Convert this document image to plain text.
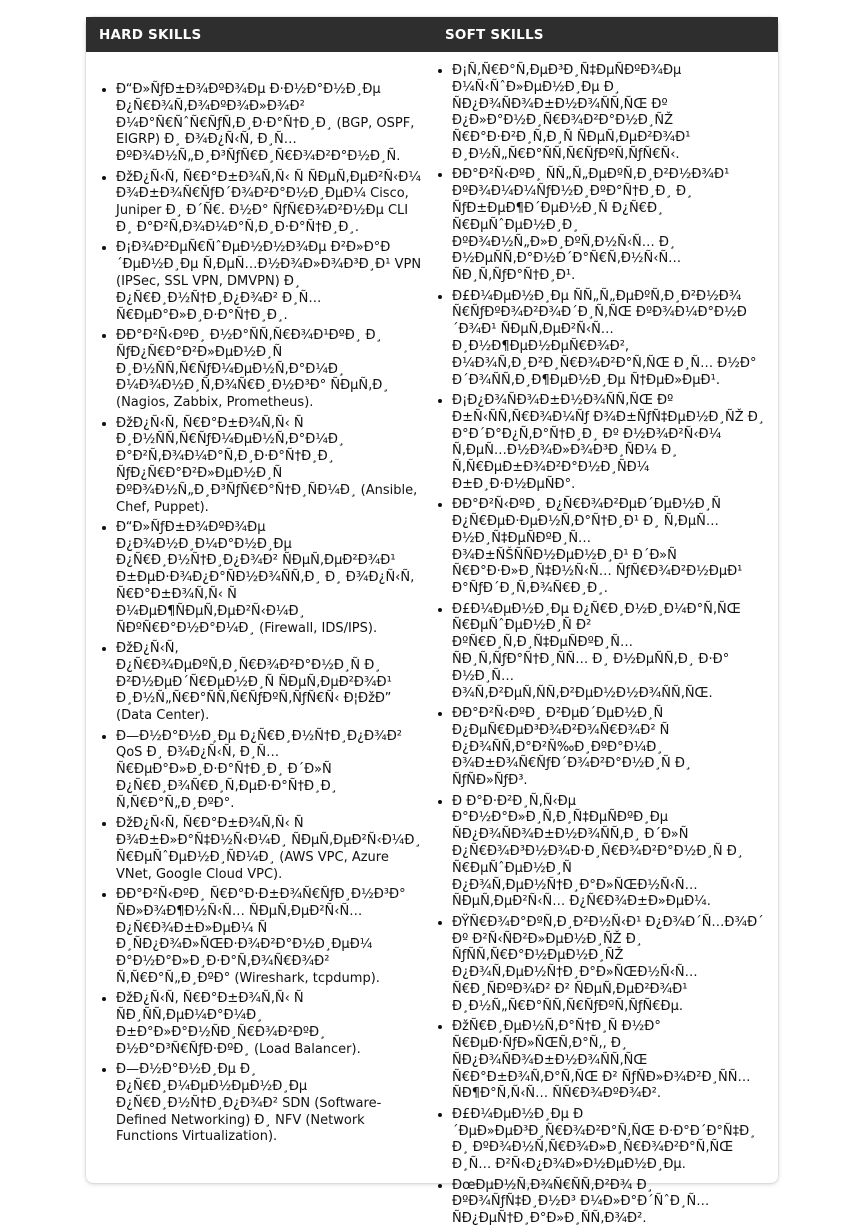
HARD SKILLS	SOFT SKILLS
• Ð“Ð»ÑƒÐ±Ð¾ÐºÐ¾Ðµ Ð·Ð½Ð°Ð½Ð¸Ðµ Ð¿Ñ€Ð¾Ñ‚Ð¾ÐºÐ¾Ð»Ð¾Ð² Ð¼Ð°Ñ€ÑˆÑ€ÑƒÑ‚Ð¸Ð·Ð°Ñ†Ð¸Ð¸ (BGP, OSPF, EIGRP) Ð¸ Ð¾Ð¿Ñ‹Ñ‚ Ð¸Ñ… ÐºÐ¾Ð½Ñ„Ð¸Ð³ÑƒÑ€Ð¸Ñ€Ð¾Ð²Ð°Ð½Ð¸Ñ.
• ÐžÐ¿Ñ‹Ñ‚ Ñ€Ð°Ð±Ð¾Ñ‚Ñ‹ Ñ ÑÐµÑ‚ÐµÐ²Ñ‹Ð¼ Ð¾Ð±Ð¾Ñ€ÑƒÐ´Ð¾Ð²Ð°Ð½Ð¸ÐµÐ¼ Cisco, Juniper Ð¸ Ð´Ñ€. Ð½Ð° ÑƒÑ€Ð¾Ð²Ð½Ðµ CLI Ð¸ Ð°Ð²Ñ‚Ð¾Ð¼Ð°Ñ‚Ð¸Ð·Ð°Ñ†Ð¸Ð¸.
• Ð¡Ð¾Ð²ÐµÑ€ÑˆÐµÐ½Ð½Ð¾Ðµ Ð²Ð»Ð°Ð´ÐµÐ½Ð¸Ðµ Ñ‚ÐµÑ…Ð½Ð¾Ð»Ð¾Ð³Ð¸Ð¹ VPN (IPSec, SSL VPN, DMVPN) Ð¸ Ð¿Ñ€Ð¸Ð½Ñ†Ð¸Ð¿Ð¾Ð² Ð¸Ñ… Ñ€ÐµÐ°Ð»Ð¸Ð·Ð°Ñ†Ð¸Ð¸.
• ÐÐ°Ð²Ñ‹ÐºÐ¸ Ð½Ð°ÑÑ‚Ñ€Ð¾Ð¹ÐºÐ¸ Ð¸ ÑƒÐ¿Ñ€Ð°Ð²Ð»ÐµÐ½Ð¸Ñ Ð¸Ð½ÑÑ‚Ñ€ÑƒÐ¼ÐµÐ½Ñ‚Ð°Ð¼Ð¸ Ð¼Ð¾Ð½Ð¸Ñ‚Ð¾Ñ€Ð¸Ð½Ð³Ð° ÑÐµÑ‚Ð¸ (Nagios, Zabbix, Prometheus).
• ÐžÐ¿Ñ‹Ñ‚ Ñ€Ð°Ð±Ð¾Ñ‚Ñ‹ Ñ Ð¸Ð½ÑÑ‚Ñ€ÑƒÐ¼ÐµÐ½Ñ‚Ð°Ð¼Ð¸ Ð°Ð²Ñ‚Ð¾Ð¼Ð°Ñ‚Ð¸Ð·Ð°Ñ†Ð¸Ð¸ ÑƒÐ¿Ñ€Ð°Ð²Ð»ÐµÐ½Ð¸Ñ ÐºÐ¾Ð½Ñ„Ð¸Ð³ÑƒÑ€Ð°Ñ†Ð¸ÑÐ¼Ð¸ (Ansible, Chef, Puppet).
• Ð“Ð»ÑƒÐ±Ð¾ÐºÐ¾Ðµ Ð¿Ð¾Ð½Ð¸Ð¼Ð°Ð½Ð¸Ðµ Ð¿Ñ€Ð¸Ð½Ñ†Ð¸Ð¿Ð¾Ð² ÑÐµÑ‚ÐµÐ²Ð¾Ð¹ Ð±ÐµÐ·Ð¾Ð¿Ð°ÑÐ½Ð¾ÑÑ‚Ð¸ Ð¸ Ð¾Ð¿Ñ‹Ñ‚ Ñ€Ð°Ð±Ð¾Ñ‚Ñ‹ Ñ Ð¼ÐµÐ¶ÑÐµÑ‚ÐµÐ²Ñ‹Ð¼Ð¸ ÑÐºÑ€Ð°Ð½Ð°Ð¼Ð¸ (Firewall, IDS/IPS).
• ÐžÐ¿Ñ‹Ñ‚ Ð¿Ñ€Ð¾ÐµÐºÑ‚Ð¸Ñ€Ð¾Ð²Ð°Ð½Ð¸Ñ Ð¸ Ð²Ð½ÐµÐ´Ñ€ÐµÐ½Ð¸Ñ ÑÐµÑ‚ÐµÐ²Ð¾Ð¹ Ð¸Ð½Ñ„Ñ€Ð°ÑÑ‚Ñ€ÑƒÐºÑ‚ÑƒÑ€Ñ‹ Ð¦ÐžÐ” (Data Center).
• Ð—Ð½Ð°Ð½Ð¸Ðµ Ð¿Ñ€Ð¸Ð½Ñ†Ð¸Ð¿Ð¾Ð² QoS Ð¸ Ð¾Ð¿Ñ‹Ñ‚ Ð¸Ñ… Ñ€ÐµÐ°Ð»Ð¸Ð·Ð°Ñ†Ð¸Ð¸ Ð´Ð»Ñ Ð¿Ñ€Ð¸Ð¾Ñ€Ð¸Ñ‚ÐµÐ·Ð°Ñ†Ð¸Ð¸ Ñ‚Ñ€Ð°Ñ„Ð¸ÐºÐ°.
• ÐžÐ¿Ñ‹Ñ‚ Ñ€Ð°Ð±Ð¾Ñ‚Ñ‹ Ñ Ð¾Ð±Ð»Ð°Ñ‡Ð½Ñ‹Ð¼Ð¸ ÑÐµÑ‚ÐµÐ²Ñ‹Ð¼Ð¸ Ñ€ÐµÑˆÐµÐ½Ð¸ÑÐ¼Ð¸ (AWS VPC, Azure VNet, Google Cloud VPC).
• ÐÐ°Ð²Ñ‹ÐºÐ¸ Ñ€Ð°Ð·Ð±Ð¾Ñ€ÑƒÐ¸Ð½Ð³Ð° ÑÐ»Ð¾Ð¶Ð½Ñ‹Ñ… ÑÐµÑ‚ÐµÐ²Ñ‹Ñ… Ð¿Ñ€Ð¾Ð±Ð»ÐµÐ¼ Ñ Ð¸ÑÐ¿Ð¾Ð»ÑŒÐ·Ð¾Ð²Ð°Ð½Ð¸ÐµÐ¼ Ð°Ð½Ð°Ð»Ð¸Ð·Ð°Ñ‚Ð¾Ñ€Ð¾Ð² Ñ‚Ñ€Ð°Ñ„Ð¸ÐºÐ° (Wireshark, tcpdump).
• ÐžÐ¿Ñ‹Ñ‚ Ñ€Ð°Ð±Ð¾Ñ‚Ñ‹ Ñ ÑÐ¸ÑÑ‚ÐµÐ¼Ð°Ð¼Ð¸ Ð±Ð°Ð»Ð°Ð½ÑÐ¸Ñ€Ð¾Ð²ÐºÐ¸ Ð½Ð°Ð³Ñ€ÑƒÐ·ÐºÐ¸ (Load Balancer).
• Ð—Ð½Ð°Ð½Ð¸Ðµ Ð¸ Ð¿Ñ€Ð¸Ð¼ÐµÐ½ÐµÐ½Ð¸Ðµ Ð¿Ñ€Ð¸Ð½Ñ†Ð¸Ð¿Ð¾Ð² SDN (Software-Defined Networking) Ð¸ NFV (Network Functions Virtualization).
• Ð¡Ñ‚Ñ€Ð°Ñ‚ÐµÐ³Ð¸Ñ‡ÐµÑÐºÐ¾Ðµ Ð¼Ñ‹ÑˆÐ»ÐµÐ½Ð¸Ðµ Ð¸ ÑÐ¿Ð¾ÑÐ¾Ð±Ð½Ð¾ÑÑ‚ÑŒ Ðº Ð¿Ð»Ð°Ð½Ð¸Ñ€Ð¾Ð²Ð°Ð½Ð¸ÑŽ Ñ€Ð°Ð·Ð²Ð¸Ñ‚Ð¸Ñ ÑÐµÑ‚ÐµÐ²Ð¾Ð¹ Ð¸Ð½Ñ„Ñ€Ð°ÑÑ‚Ñ€ÑƒÐºÑ‚ÑƒÑ€Ñ‹.
• ÐÐ°Ð²Ñ‹ÐºÐ¸ ÑÑ„Ñ„ÐµÐºÑ‚Ð¸Ð²Ð½Ð¾Ð¹ ÐºÐ¾Ð¼Ð¼ÑƒÐ½Ð¸ÐºÐ°Ñ†Ð¸Ð¸ Ð¸ ÑƒÐ±ÐµÐ¶Ð´ÐµÐ½Ð¸Ñ Ð¿Ñ€Ð¸ Ñ€ÐµÑˆÐµÐ½Ð¸Ð¸ ÐºÐ¾Ð½Ñ„Ð»Ð¸ÐºÑ‚Ð½Ñ‹Ñ… Ð¸ Ð½ÐµÑÑ‚Ð°Ð½Ð´Ð°Ñ€Ñ‚Ð½Ñ‹Ñ… ÑÐ¸Ñ‚ÑƒÐ°Ñ†Ð¸Ð¹.
• Ð£Ð¼ÐµÐ½Ð¸Ðµ ÑÑ„Ñ„ÐµÐºÑ‚Ð¸Ð²Ð½Ð¾ Ñ€ÑƒÐºÐ¾Ð²Ð¾Ð´Ð¸Ñ‚ÑŒ ÐºÐ¾Ð¼Ð°Ð½Ð´Ð¾Ð¹ ÑÐµÑ‚ÐµÐ²Ñ‹Ñ… Ð¸Ð½Ð¶ÐµÐ½ÐµÑ€Ð¾Ð², Ð¼Ð¾Ñ‚Ð¸Ð²Ð¸Ñ€Ð¾Ð²Ð°Ñ‚ÑŒ Ð¸Ñ… Ð½Ð° Ð´Ð¾ÑÑ‚Ð¸Ð¶ÐµÐ½Ð¸Ðµ Ñ†ÐµÐ»ÐµÐ¹.
• Ð¡Ð¿Ð¾ÑÐ¾Ð±Ð½Ð¾ÑÑ‚ÑŒ Ðº Ð±Ñ‹ÑÑ‚Ñ€Ð¾Ð¼Ñƒ Ð¾Ð±ÑƒÑ‡ÐµÐ½Ð¸ÑŽ Ð¸ Ð°Ð´Ð°Ð¿Ñ‚Ð°Ñ†Ð¸Ð¸ Ðº Ð½Ð¾Ð²Ñ‹Ð¼ Ñ‚ÐµÑ…Ð½Ð¾Ð»Ð¾Ð³Ð¸ÑÐ¼ Ð¸ Ñ‚Ñ€ÐµÐ±Ð¾Ð²Ð°Ð½Ð¸ÑÐ¼ Ð±Ð¸Ð·Ð½ÐµÑÐ°.
• ÐÐ°Ð²Ñ‹ÐºÐ¸ Ð¿Ñ€Ð¾Ð²ÐµÐ´ÐµÐ½Ð¸Ñ Ð¿Ñ€ÐµÐ·ÐµÐ½Ñ‚Ð°Ñ†Ð¸Ð¹ Ð¸ Ñ‚ÐµÑ…Ð½Ð¸Ñ‡ÐµÑÐºÐ¸Ñ… Ð¾Ð±ÑŠÑÑÐ½ÐµÐ½Ð¸Ð¹ Ð´Ð»Ñ Ñ€Ð°Ð·Ð»Ð¸Ñ‡Ð½Ñ‹Ñ… ÑƒÑ€Ð¾Ð²Ð½ÐµÐ¹ Ð°ÑƒÐ´Ð¸Ñ‚Ð¾Ñ€Ð¸Ð¸.
• Ð£Ð¼ÐµÐ½Ð¸Ðµ Ð¿Ñ€Ð¸Ð½Ð¸Ð¼Ð°Ñ‚ÑŒ Ñ€ÐµÑˆÐµÐ½Ð¸Ñ Ð² ÐºÑ€Ð¸Ñ‚Ð¸Ñ‡ÐµÑÐºÐ¸Ñ… ÑÐ¸Ñ‚ÑƒÐ°Ñ†Ð¸ÑÑ… Ð¸ Ð½ÐµÑÑ‚Ð¸ Ð·Ð° Ð½Ð¸Ñ… Ð¾Ñ‚Ð²ÐµÑ‚ÑÑ‚Ð²ÐµÐ½Ð½Ð¾ÑÑ‚ÑŒ.
• ÐÐ°Ð²Ñ‹ÐºÐ¸ Ð²ÐµÐ´ÐµÐ½Ð¸Ñ Ð¿ÐµÑ€ÐµÐ³Ð¾Ð²Ð¾Ñ€Ð¾Ð² Ñ Ð¿Ð¾ÑÑ‚Ð°Ð²Ñ‰Ð¸ÐºÐ°Ð¼Ð¸ Ð¾Ð±Ð¾Ñ€ÑƒÐ´Ð¾Ð²Ð°Ð½Ð¸Ñ Ð¸ ÑƒÑÐ»ÑƒÐ³.
• Ð Ð°Ð·Ð²Ð¸Ñ‚Ñ‹Ðµ Ð°Ð½Ð°Ð»Ð¸Ñ‚Ð¸Ñ‡ÐµÑÐºÐ¸Ðµ ÑÐ¿Ð¾ÑÐ¾Ð±Ð½Ð¾ÑÑ‚Ð¸ Ð´Ð»Ñ Ð¿Ñ€Ð¾Ð³Ð½Ð¾Ð·Ð¸Ñ€Ð¾Ð²Ð°Ð½Ð¸Ñ Ð¸ Ñ€ÐµÑˆÐµÐ½Ð¸Ñ Ð¿Ð¾Ñ‚ÐµÐ½Ñ†Ð¸Ð°Ð»ÑŒÐ½Ñ‹Ñ… ÑÐµÑ‚ÐµÐ²Ñ‹Ñ… Ð¿Ñ€Ð¾Ð±Ð»ÐµÐ¼.
• ÐŸÑ€Ð¾Ð°ÐºÑ‚Ð¸Ð²Ð½Ñ‹Ð¹ Ð¿Ð¾Ð´Ñ…Ð¾Ð´ Ðº Ð²Ñ‹ÑÐ²Ð»ÐµÐ½Ð¸ÑŽ Ð¸ ÑƒÑÑ‚Ñ€Ð°Ð½ÐµÐ½Ð¸ÑŽ Ð¿Ð¾Ñ‚ÐµÐ½Ñ†Ð¸Ð°Ð»ÑŒÐ½Ñ‹Ñ… Ñ€Ð¸ÑÐºÐ¾Ð² Ð² ÑÐµÑ‚ÐµÐ²Ð¾Ð¹ Ð¸Ð½Ñ„Ñ€Ð°ÑÑ‚Ñ€ÑƒÐºÑ‚ÑƒÑ€Ðµ.
• ÐžÑ€Ð¸ÐµÐ½Ñ‚Ð°Ñ†Ð¸Ñ Ð½Ð° Ñ€ÐµÐ·ÑƒÐ»ÑŒÑ‚Ð°Ñ‚, Ð¸ ÑÐ¿Ð¾ÑÐ¾Ð±Ð½Ð¾ÑÑ‚ÑŒ Ñ€Ð°Ð±Ð¾Ñ‚Ð°Ñ‚ÑŒ Ð² ÑƒÑÐ»Ð¾Ð²Ð¸ÑÑ… ÑÐ¶Ð°Ñ‚Ñ‹Ñ… ÑÑ€Ð¾ÐºÐ¾Ð².
• Ð£Ð¼ÐµÐ½Ð¸Ðµ Ð´ÐµÐ»ÐµÐ³Ð¸Ñ€Ð¾Ð²Ð°Ñ‚ÑŒ Ð·Ð°Ð´Ð°Ñ‡Ð¸ Ð¸ ÐºÐ¾Ð½Ñ‚Ñ€Ð¾Ð»Ð¸Ñ€Ð¾Ð²Ð°Ñ‚ÑŒ Ð¸Ñ… Ð²Ñ‹Ð¿Ð¾Ð»Ð½ÐµÐ½Ð¸Ðµ.
• ÐœÐµÐ½Ñ‚Ð¾Ñ€ÑÑ‚Ð²Ð¾ Ð¸ ÐºÐ¾ÑƒÑ‡Ð¸Ð½Ð³ Ð¼Ð»Ð°Ð´ÑˆÐ¸Ñ… ÑÐ¿ÐµÑ†Ð¸Ð°Ð»Ð¸ÑÑ‚Ð¾Ð².
